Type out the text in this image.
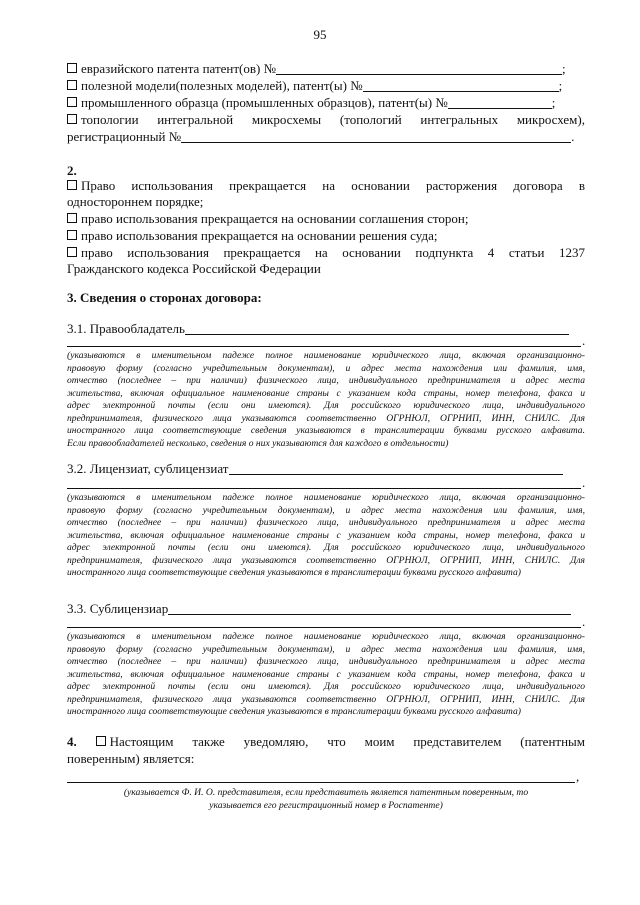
95
евразийского патента патент(ов) №	;
полезной модели(полезных моделей), патент(ы) №	;
промышленного образца (промышленных образцов), патент(ы) №	;
топологии интегральной микросхемы (топологий интегральных микросхем),
регистрационный №	.
2.
Право использования прекращается на основании расторжения договора в
одностороннем порядке;
право использования прекращается на основании соглашения сторон;
право использования прекращается на основании решения суда;
право использования прекращается на основании подпункта 4 статьи 1237
Гражданского кодекса Российской Федерации
3. Сведения о сторонах договора:
3.1. Правообладатель
.
(указываются в именительном падеже полное наименование юридического лица, включая организационно-
правовую форму (согласно учредительным документам), и адрес места нахождения или фамилия, имя,
отчество (последнее – при наличии) физического лица, индивидуального предпринимателя и адрес места
жительства, включая официальное наименование страны с указанием кода страны, номер телефона, факса и
адрес электронной почты (если они имеются). Для российского юридического лица, индивидуального
предпринимателя, физического лица указываются соответственно ОГРНЮЛ, ОГРНИП, ИНН, СНИЛС. Для
иностранного лица соответствующие сведения указываются в транслитерации буквами русского алфавита.
Если правообладателей несколько, сведения о них указываются для каждого в отдельности)
3.2. Лицензиат, сублицензиат
.
(указываются в именительном падеже полное наименование юридического лица, включая организационно-
правовую форму (согласно учредительным документам), и адрес места нахождения или фамилия, имя,
отчество (последнее – при наличии) физического лица, индивидуального предпринимателя и адрес места
жительства, включая официальное наименование страны с указанием кода страны, номер телефона, факса и
адрес электронной почты (если они имеются). Для российского юридического лица, индивидуального
предпринимателя, физического лица указываются соответственно ОГРНЮЛ, ОГРНИП, ИНН, СНИЛС. Для
иностранного лица соответствующие сведения указываются в транслитерации буквами русского алфавита)
3.3. Сублицензиар
.
(указываются в именительном падеже полное наименование юридического лица, включая организационно-
правовую форму (согласно учредительным документам), и адрес места нахождения или фамилия, имя,
отчество (последнее – при наличии) физического лица, индивидуального предпринимателя и адрес места
жительства, включая официальное наименование страны с указанием кода страны, номер телефона, факса и
адрес электронной почты (если они имеются). Для российского юридического лица, индивидуального
предпринимателя, физического лица указываются соответственно ОГРНЮЛ, ОГРНИП, ИНН, СНИЛС. Для
иностранного лица соответствующие сведения указываются в транслитерации буквами русского алфавита)
4.	Настоящим также уведомляю, что моим представителем (патентным
поверенным) является:
,
(указывается Ф. И. О. представителя, если представитель является патентным поверенным, то
указывается его регистрационный номер в Роспатенте)
